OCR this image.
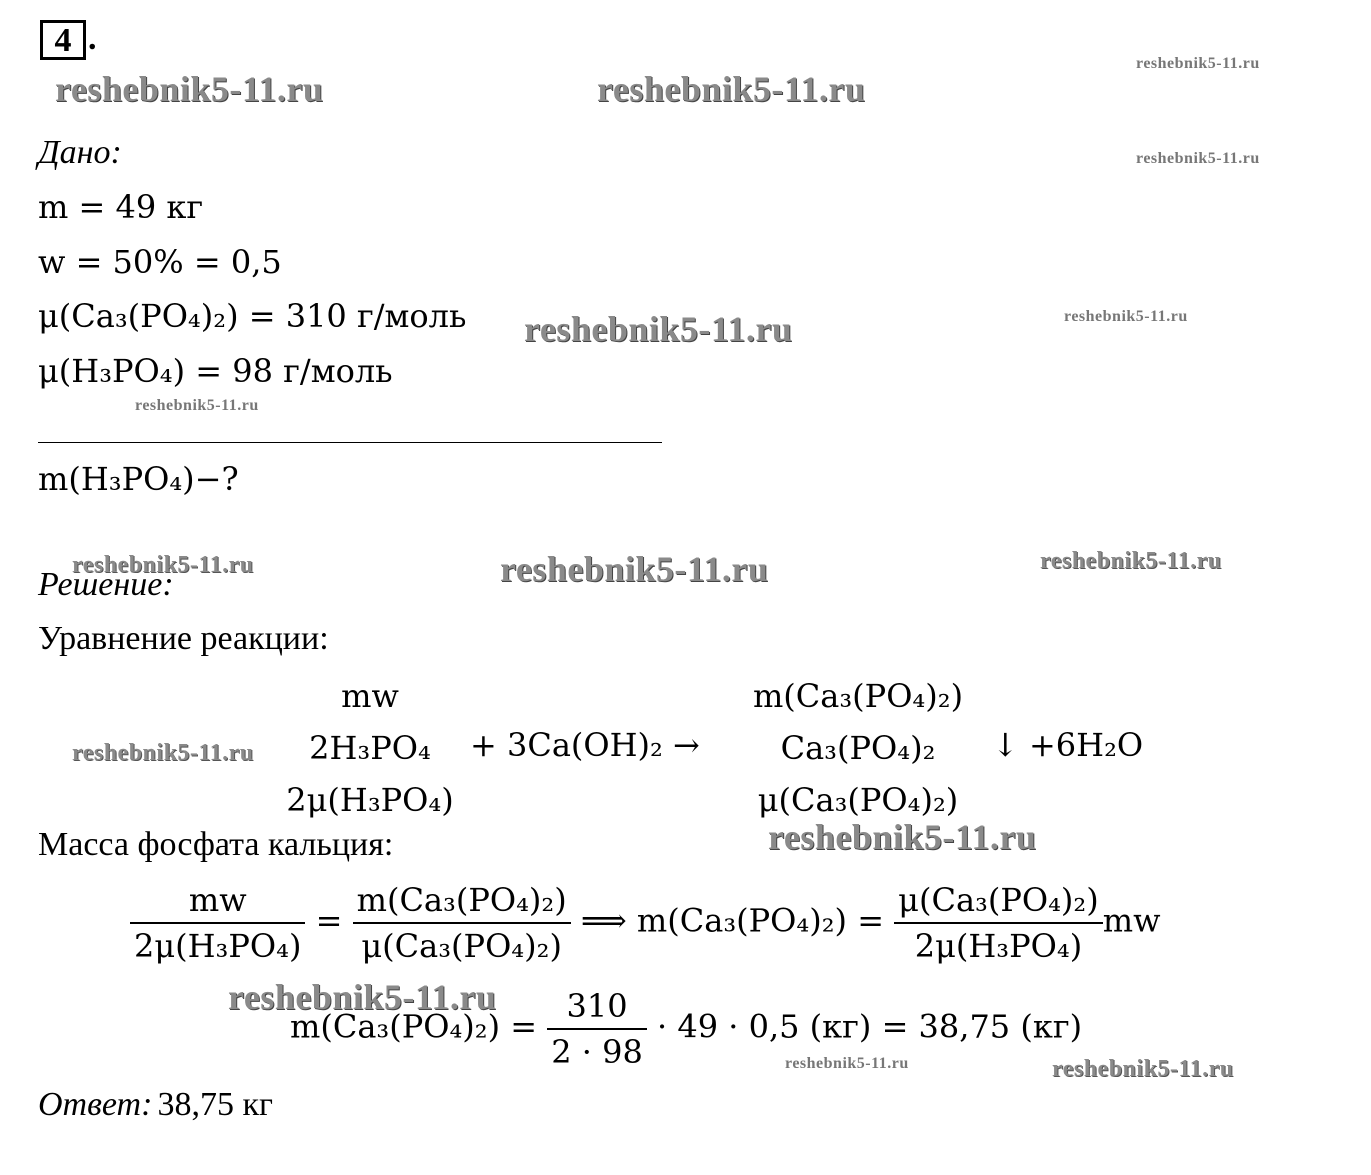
4 .
reshebnik5-11.ru	reshebnik5-11.ru
reshebnik5-11.ru
reshebnik5-11.ru
reshebnik5-11.ru	reshebnik5-11.ru
reshebnik5-11.ru
reshebnik5-11.ru	reshebnik5-11.ru	reshebnik5-11.ru
reshebnik5-11.ru
reshebnik5-11.ru
reshebnik5-11.ru
reshebnik5-11.ru	reshebnik5-11.ru
Дано:
m = 49 кг
w = 50% = 0,5
μ(Ca₃(PO₄)₂) = 310 г/моль
μ(H₃PO₄) = 98 г/моль
m(H₃PO₄)−?
Решение:
Уравнение реакции:
mw
2H₃PO₄
2μ(H₃PO₄)
+ 3Ca(OH)₂ →
m(Ca₃(PO₄)₂)
Ca₃(PO₄)₂
μ(Ca₃(PO₄)₂)
↓ +6H₂O
Масса фосфата кальция:
$\frac{mw}{\text{2μ(H₃PO₄)}} = \frac{\text{m(Ca₃(PO₄)₂)}}{\text{μ(Ca₃(PO₄)₂)}}$ ⟹ $m(Ca_3(PO_4)_2) = \frac{\text{μ(Ca₃(PO₄)₂)}}{\text{2μ(H₃PO₄)}}$ mw
$m(Ca_3(PO_4)_2) = \frac{310}{2 \cdot 98} \cdot 49 \cdot 0,5$ (кг) = 38,75 (кг)
Ответ: 38,75 кг
